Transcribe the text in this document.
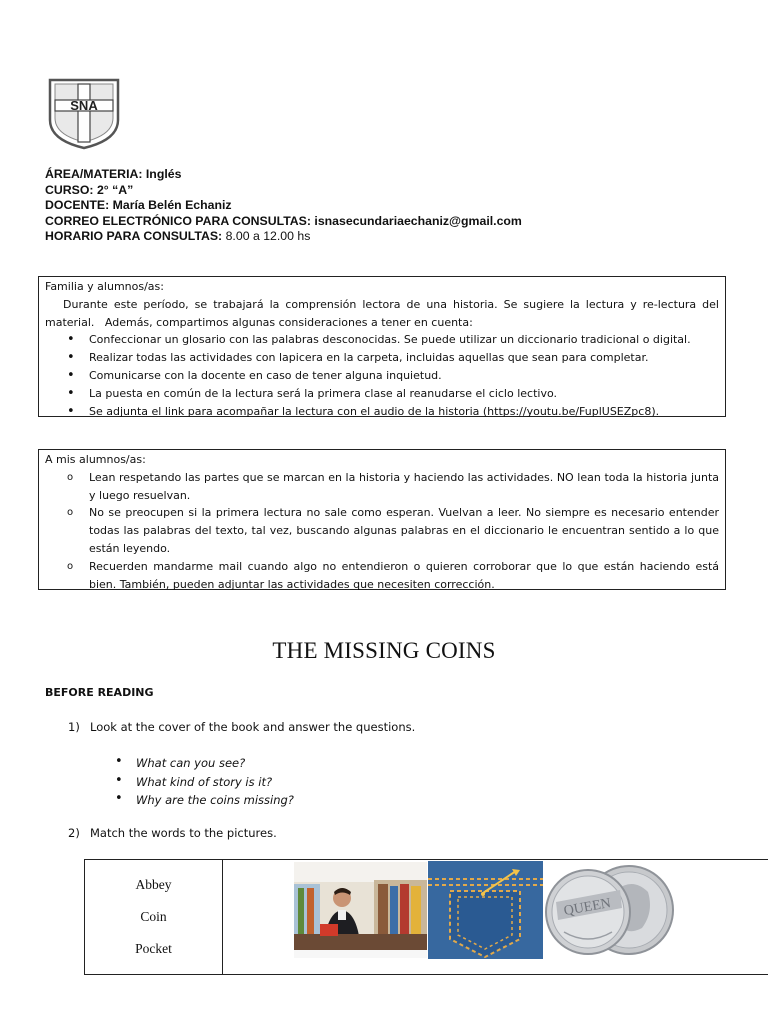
SNA
ÁREA/MATERIA: Inglés
CURSO: 2° “A”
DOCENTE: María Belén Echaniz
CORREO ELECTRÓNICO PARA CONSULTAS: isnasecundariaechaniz@gmail.com
HORARIO PARA CONSULTAS: 8.00 a 12.00 hs

Familia y alumnos/as:

Durante este período, se trabajará la comprensión lectora de una historia. Se sugiere la lectura y re-lectura del material.   Además, compartimos algunas consideraciones a tener en cuenta:

• Confeccionar un glosario con las palabras desconocidas. Se puede utilizar un diccionario tradicional o digital.
• Realizar todas las actividades con lapicera en la carpeta, incluidas aquellas que sean para completar.
• Comunicarse con la docente en caso de tener alguna inquietud.
• La puesta en común de la lectura será la primera clase al reanudarse el ciclo lectivo.
• Se adjunta el link para acompañar la lectura con el audio de la historia (https://youtu.be/FuplUSEZpc8).

A mis alumnos/as:

o Lean respetando las partes que se marcan en la historia y haciendo las actividades. NO lean toda la historia junta y luego resuelvan.
o No se preocupen si la primera lectura no sale como esperan. Vuelvan a leer. No siempre es necesario entender todas las palabras del texto, tal vez, buscando algunas palabras en el diccionario le encuentran sentido a lo que están leyendo.
o Recuerden mandarme mail cuando algo no entendieron o quieren corroborar que lo que están haciendo está bien. También, pueden adjuntar las actividades que necesiten corrección.
THE MISSING COINS
BEFORE READING
1) Look at the cover of the book and answer the questions.
• What can you see?
• What kind of story is it?
• Why are the coins missing?
2) Match the words to the pictures.
Abbey
Coin
Pocket

QUEEN
